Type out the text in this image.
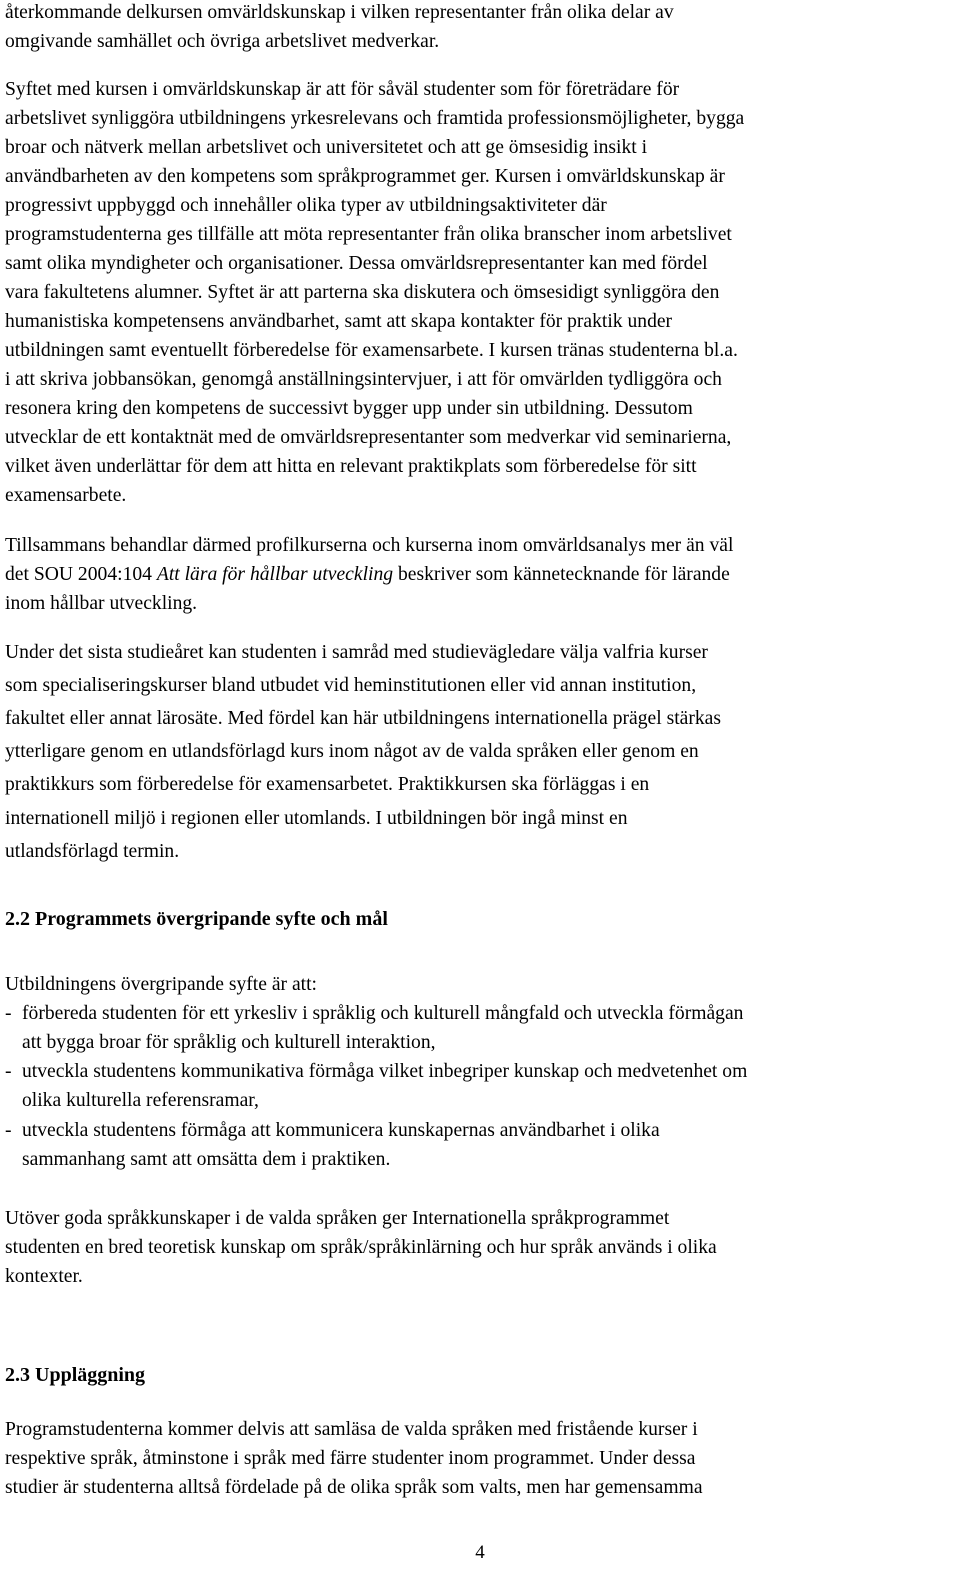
återkommande delkursen omvärldskunskap i vilken representanter från olika delar av
omgivande samhället och övriga arbetslivet medverkar.
Syftet med kursen i omvärldskunskap är att för såväl studenter som för företrädare för
arbetslivet synliggöra utbildningens yrkesrelevans och framtida professionsmöjligheter, bygga
broar och nätverk mellan arbetslivet och universitetet och att ge ömsesidig insikt i
användbarheten av den kompetens som språkprogrammet ger. Kursen i omvärldskunskap är
progressivt uppbyggd och innehåller olika typer av utbildningsaktiviteter där
programstudenterna ges tillfälle att möta representanter från olika branscher inom arbetslivet
samt olika myndigheter och organisationer. Dessa omvärldsrepresentanter kan med fördel
vara fakultetens alumner. Syftet är att parterna ska diskutera och ömsesidigt synliggöra den
humanistiska kompetensens användbarhet, samt att skapa kontakter för praktik under
utbildningen samt eventuellt förberedelse för examensarbete. I kursen tränas studenterna bl.a.
i att skriva jobbansökan, genomgå anställningsintervjuer, i att för omvärlden tydliggöra och
resonera kring den kompetens de successivt bygger upp under sin utbildning. Dessutom
utvecklar de ett kontaktnät med de omvärldsrepresentanter som medverkar vid seminarierna,
vilket även underlättar för dem att hitta en relevant praktikplats som förberedelse för sitt
examensarbete.
Tillsammans behandlar därmed profilkurserna och kurserna inom omvärldsanalys mer än väl
det SOU 2004:104 Att lära för hållbar utveckling beskriver som kännetecknande för lärande
inom hållbar utveckling.
Under det sista studieåret kan studenten i samråd med studievägledare välja valfria kurser
som specialiseringskurser bland utbudet vid heminstitutionen eller vid annan institution,
fakultet eller annat lärosäte. Med fördel kan här utbildningens internationella prägel stärkas
ytterligare genom en utlandsförlagd kurs inom något av de valda språken eller genom en
praktikkurs som förberedelse för examensarbetet. Praktikkursen ska förläggas i en
internationell miljö i regionen eller utomlands. I utbildningen bör ingå minst en
utlandsförlagd termin.
2.2 Programmets övergripande syfte och mål
Utbildningens övergripande syfte är att:
- förbereda studenten för ett yrkesliv i språklig och kulturell mångfald och utveckla förmågan
att bygga broar för språklig och kulturell interaktion,
- utveckla studentens kommunikativa förmåga vilket inbegriper kunskap och medvetenhet om
olika kulturella referensramar,
- utveckla studentens förmåga att kommunicera kunskapernas användbarhet i olika
sammanhang samt att omsätta dem i praktiken.
Utöver goda språkkunskaper i de valda språken ger Internationella språkprogrammet
studenten en bred teoretisk kunskap om språk/språkinlärning och hur språk används i olika
kontexter.
2.3 Uppläggning
Programstudenterna kommer delvis att samläsa de valda språken med fristående kurser i
respektive språk, åtminstone i språk med färre studenter inom programmet. Under dessa
studier är studenterna alltså fördelade på de olika språk som valts, men har gemensamma
4
